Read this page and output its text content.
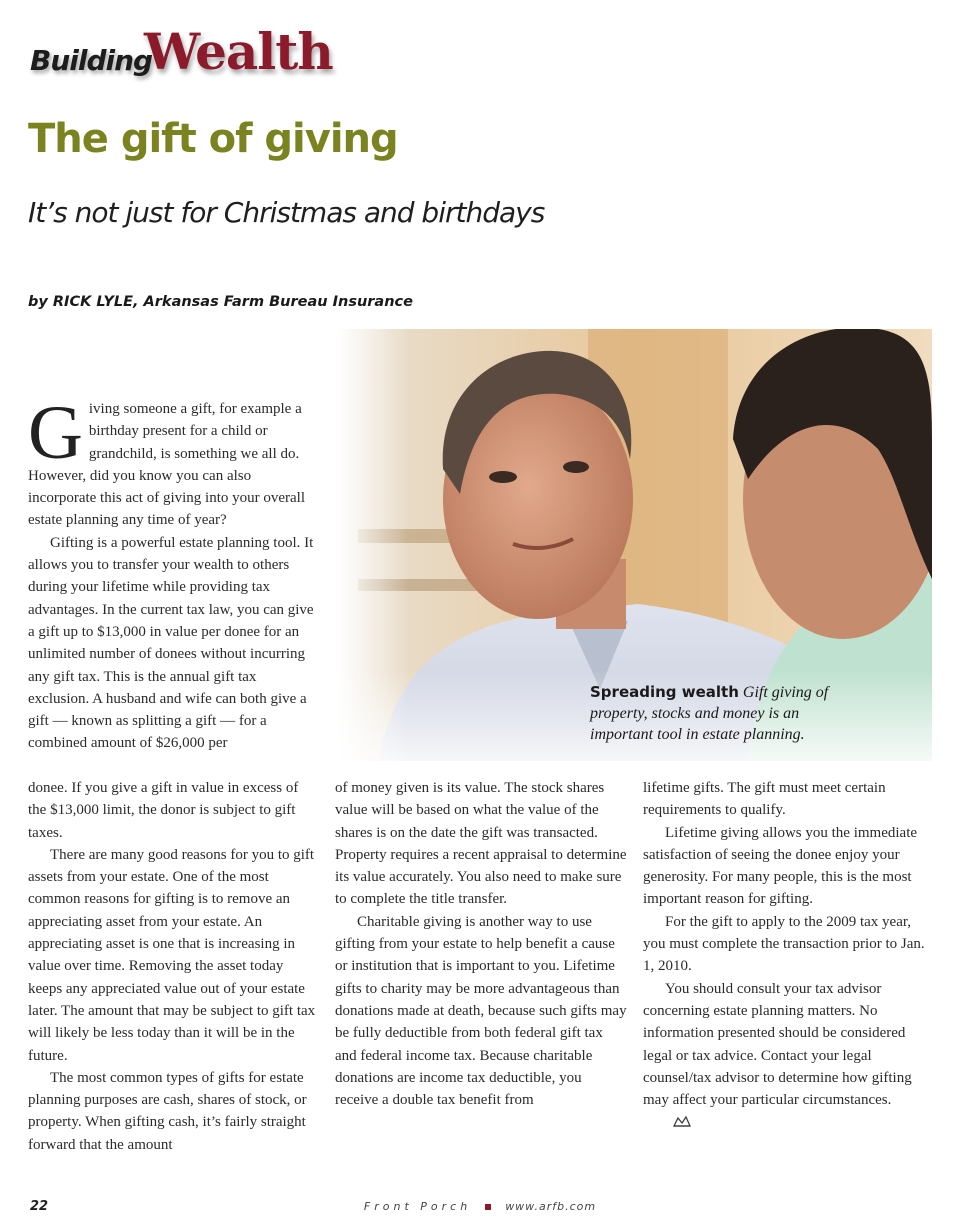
Building
Wealth
The gift of giving
It’s not just for Christmas and birthdays
by RICK LYLE, Arkansas Farm Bureau Insurance
Spreading wealth Gift giving of property, stocks and money is an important tool in estate planning.

Giving someone a gift, for example a birthday present for a child or grandchild, is something we all do. However, did you know you can also incorporate this act of giving into your overall estate planning any time of year?

Gifting is a powerful estate planning tool. It allows you to transfer your wealth to others during your lifetime while providing tax advantages. In the current tax law, you can give a gift up to $13,000 in value per donee for an unlimited number of donees without incurring any gift tax. This is the annual gift tax exclusion. A husband and wife can both give a gift — known as splitting a gift — for a combined amount of $26,000 per

donee. If you give a gift in value in excess of the $13,000 limit, the donor is subject to gift taxes.

There are many good reasons for you to gift assets from your estate. One of the most common reasons for gifting is to remove an appreciating asset from your estate. An appreciating asset is one that is increasing in value over time. Removing the asset today keeps any appreciated value out of your estate later. The amount that may be subject to gift tax will likely be less today than it will be in the future.

The most common types of gifts for estate planning purposes are cash, shares of stock, or property. When gifting cash, it’s fairly straight forward that the amount

of money given is its value. The stock shares value will be based on what the value of the shares is on the date the gift was transacted. Property requires a recent appraisal to determine its value accurately. You also need to make sure to complete the title transfer.

Charitable giving is another way to use gifting from your estate to help benefit a cause or institution that is important to you. Lifetime gifts to charity may be more advantageous than donations made at death, because such gifts may be fully deductible from both federal gift tax and federal income tax. Because charitable donations are income tax deductible, you receive a double tax benefit from

lifetime gifts. The gift must meet certain requirements to qualify.

Lifetime giving allows you the immediate satisfaction of seeing the donee enjoy your generosity. For many people, this is the most important reason for gifting.

For the gift to apply to the 2009 tax year, you must complete the transaction prior to Jan. 1, 2010.

You should consult your tax advisor concerning estate planning matters. No information presented should be considered legal or tax advice. Contact your legal counsel/tax advisor to determine how gifting may affect your particular circumstances.

22	Front Porch	www.arfb.com
